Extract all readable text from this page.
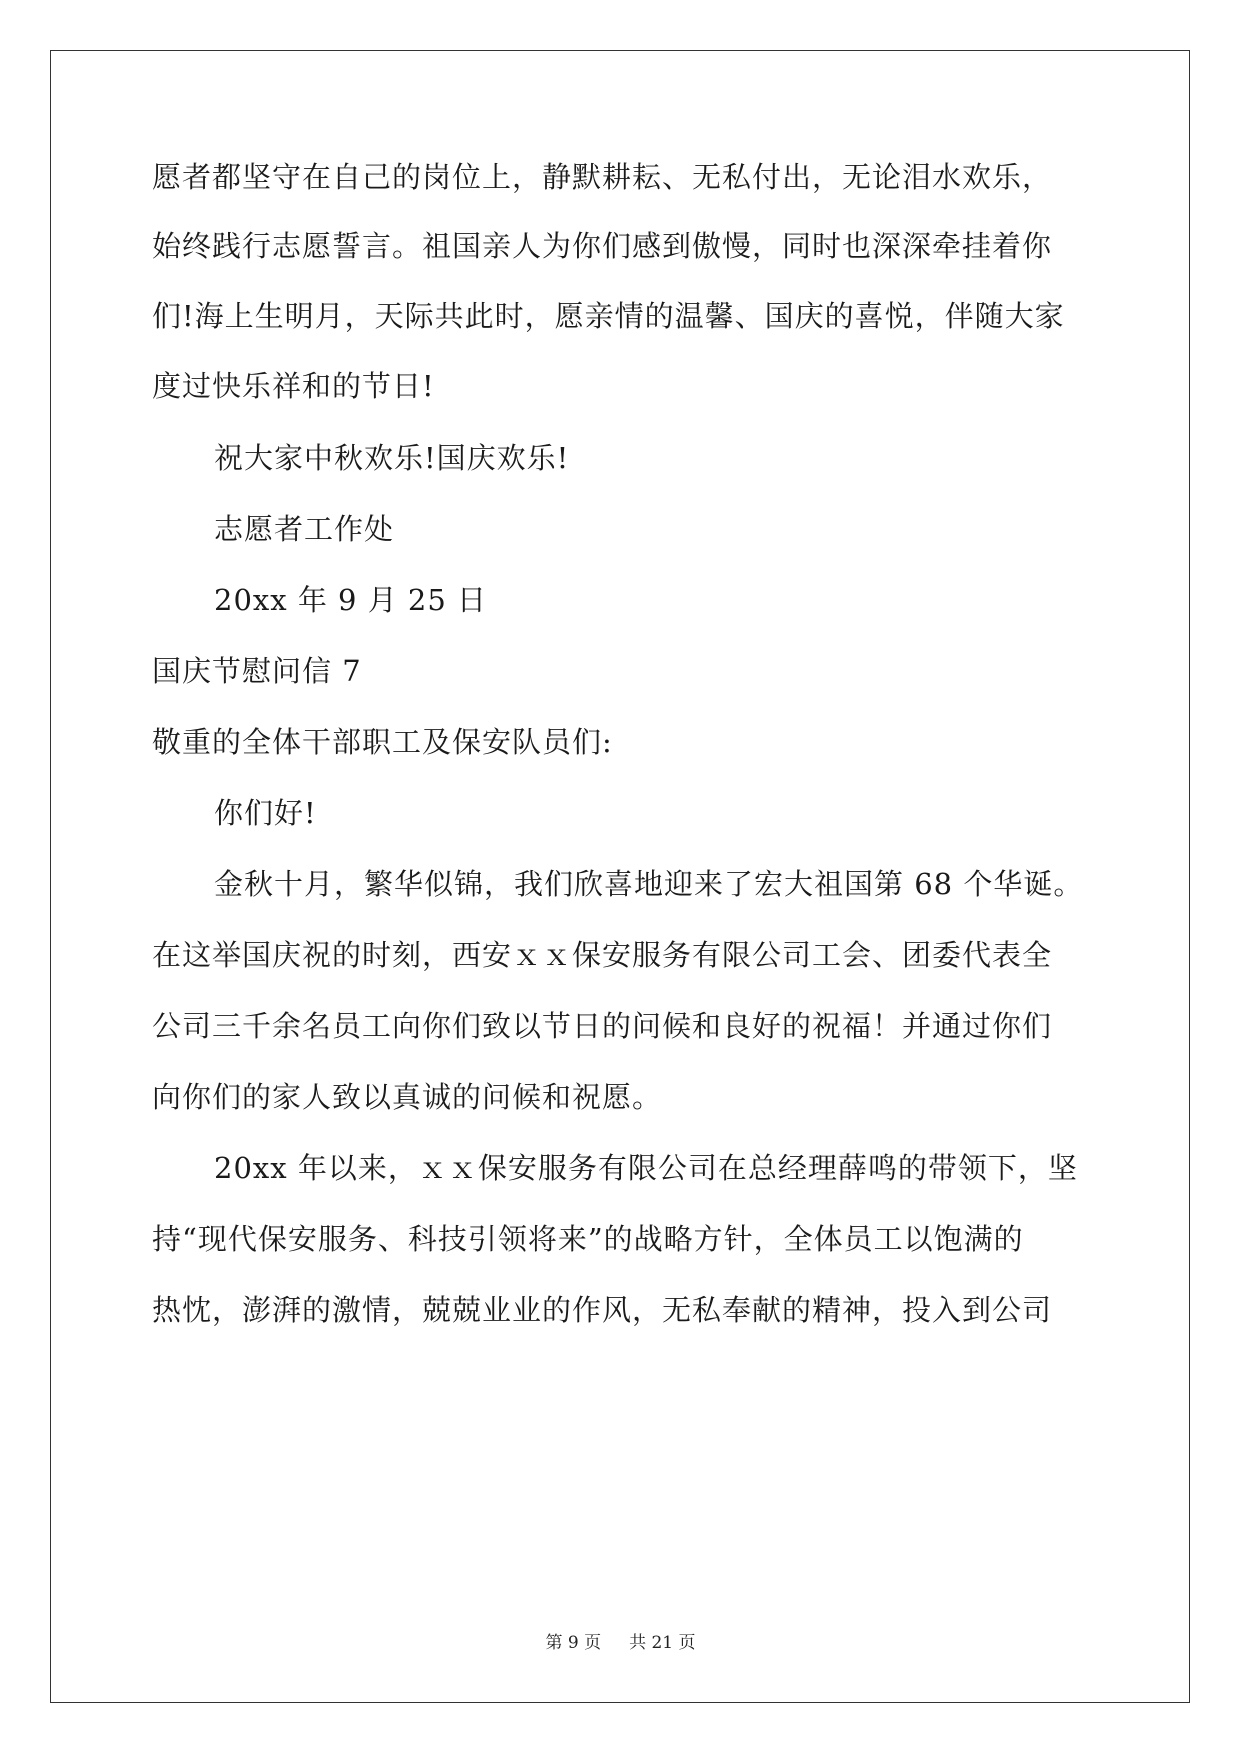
愿者都坚守在自己的岗位上，静默耕耘、无私付出，无论泪水欢乐，
始终践行志愿誓言。祖国亲人为你们感到傲慢，同时也深深牵挂着你
们!海上生明月，天际共此时，愿亲情的温馨、国庆的喜悦，伴随大家
度过快乐祥和的节日!
祝大家中秋欢乐!国庆欢乐!
志愿者工作处
20xx 年 9 月 25 日
国庆节慰问信 7
敬重的全体干部职工及保安队员们:
你们好!
金秋十月，繁华似锦，我们欣喜地迎来了宏大祖国第 68 个华诞。
在这举国庆祝的时刻，西安ｘｘ保安服务有限公司工会、团委代表全
公司三千余名员工向你们致以节日的问候和良好的祝福！并通过你们
向你们的家人致以真诚的问候和祝愿。
20xx 年以来，ｘｘ保安服务有限公司在总经理薛鸣的带领下，坚
持“现代保安服务、科技引领将来”的战略方针，全体员工以饱满的
热忱，澎湃的激情，兢兢业业的作风，无私奉献的精神，投入到公司
第 9 页 共 21 页
